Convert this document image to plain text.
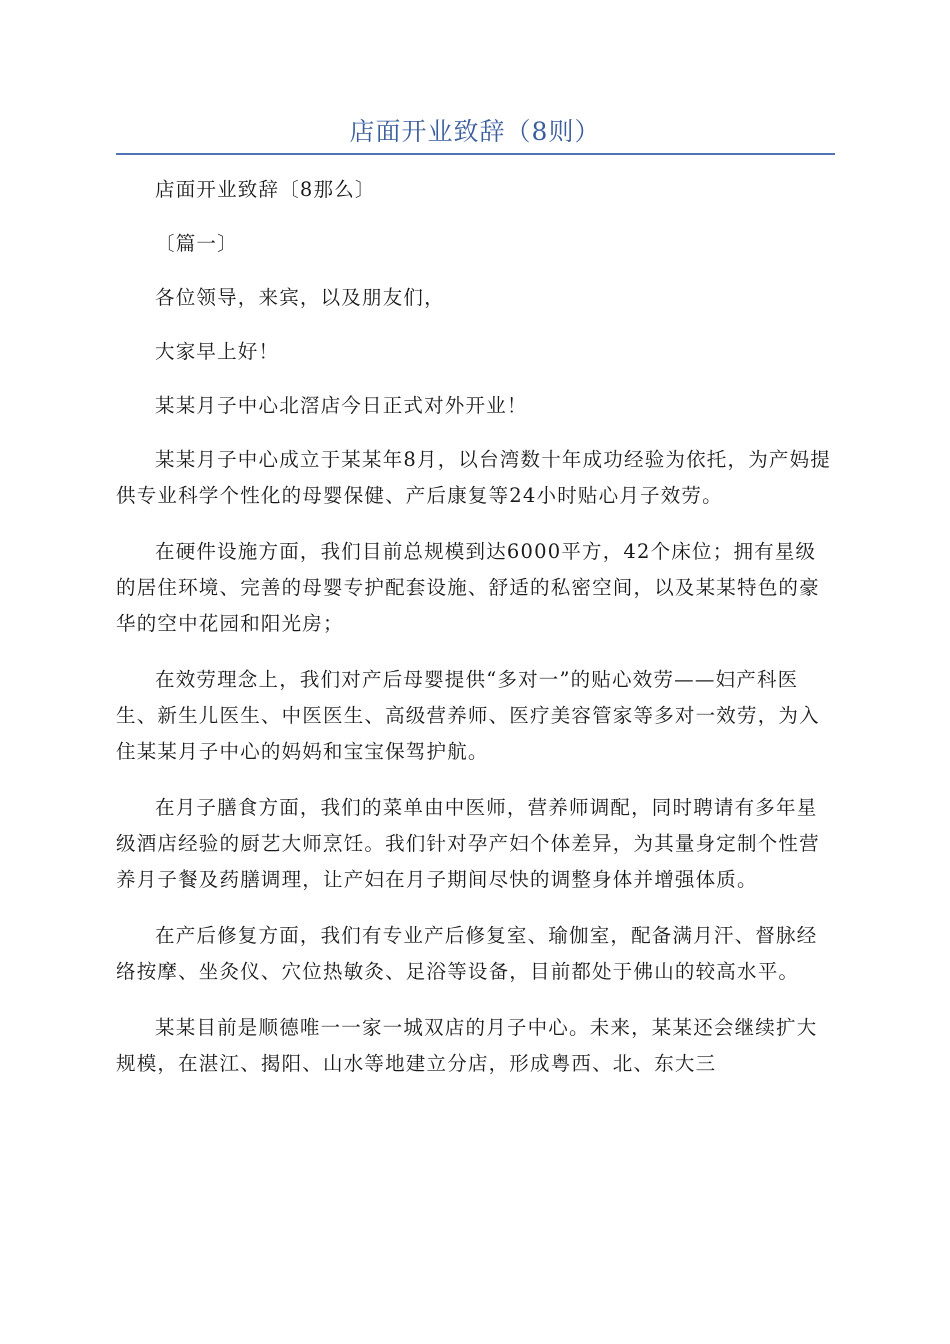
店面开业致辞（8则）

店面开业致辞〔8那么〕

〔篇一〕

各位领导，来宾，以及朋友们，

大家早上好！

某某月子中心北滘店今日正式对外开业！

某某月子中心成立于某某年8月，以台湾数十年成功经验为依托，为产妈提供专业科学个性化的母婴保健、产后康复等24小时贴心月子效劳。

在硬件设施方面，我们目前总规模到达6000平方，42个床位；拥有星级的居住环境、完善的母婴专护配套设施、舒适的私密空间，以及某某特色的豪华的空中花园和阳光房；

在效劳理念上，我们对产后母婴提供“多对一”的贴心效劳——妇产科医生、新生儿医生、中医医生、高级营养师、医疗美容管家等多对一效劳，为入住某某月子中心的妈妈和宝宝保驾护航。

在月子膳食方面，我们的菜单由中医师，营养师调配，同时聘请有多年星级酒店经验的厨艺大师烹饪。我们针对孕产妇个体差异，为其量身定制个性营养月子餐及药膳调理，让产妇在月子期间尽快的调整身体并增强体质。

在产后修复方面，我们有专业产后修复室、瑜伽室，配备满月汗、督脉经络按摩、坐灸仪、穴位热敏灸、足浴等设备，目前都处于佛山的较高水平。

某某目前是顺德唯一一家一城双店的月子中心。未来，某某还会继续扩大规模，在湛江、揭阳、山水等地建立分店，形成粤西、北、东大三
